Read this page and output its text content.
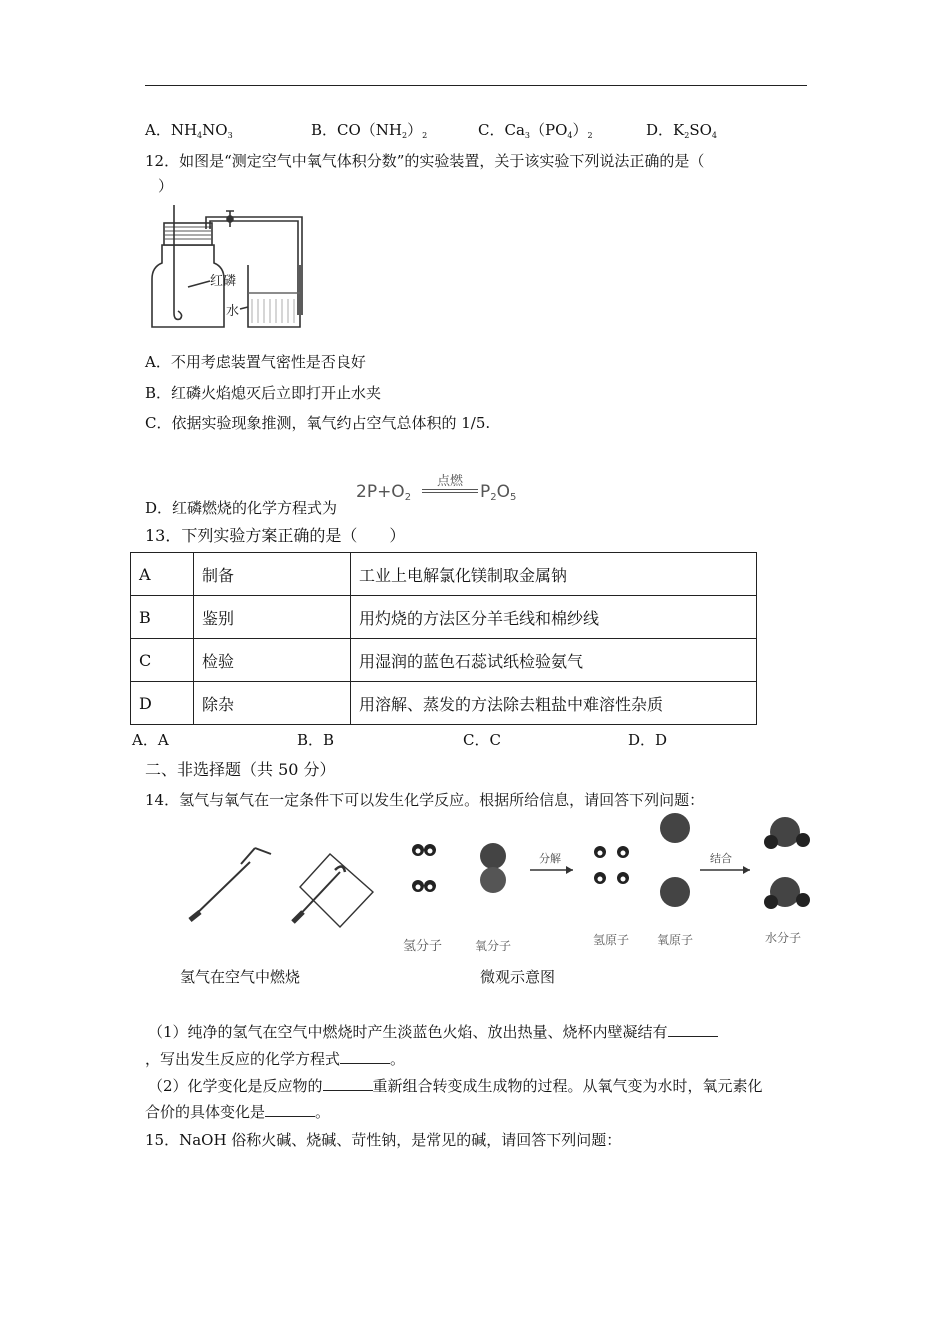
A．$NH_4NO_3$	B．$CO(NH_2)_2$	C．$Ca_3(PO_4)_2$	D．$K_2SO_4$
12．如图是“测定空气中氧气体积分数”的实验装置，关于该实验下列说法正确的是（
）
红磷
水
A．不用考虑装置气密性是否良好
B．红磷火焰熄灭后立即打开止水夹
C．依据实验现象推测，氧气约占空气总体积的 1/5.
D．红磷燃烧的化学方程式为
$2P+O_2$
点燃
$P_2O_5$
13．下列实验方案正确的是（　　）
A	制备	工业上电解氯化镁制取金属钠
B	鉴别	用灼烧的方法区分羊毛线和棉纱线
C	检验	用湿润的蓝色石蕊试纸检验氨气
D	除杂	用溶解、蒸发的方法除去粗盐中难溶性杂质
A．A	B．B	C．C	D．D
二、非选择题（共 50 分）
14．氢气与氧气在一定条件下可以发生化学反应。根据所给信息，请回答下列问题：
分解	结合
氢分子	氧分子	氢原子 氧原子	水分子
氢气在空气中燃烧	微观示意图
（1）纯净的氢气在空气中燃烧时产生淡蓝色火焰、放出热量、烧杯内壁凝结有
，写出发生反应的化学方程式	。
（2）化学变化是反应物的	重新组合转变成生成物的过程。从氧气变为水时，氧元素化
合价的具体变化是	。
15．NaOH 俗称火碱、烧碱、苛性钠，是常见的碱，请回答下列问题：
